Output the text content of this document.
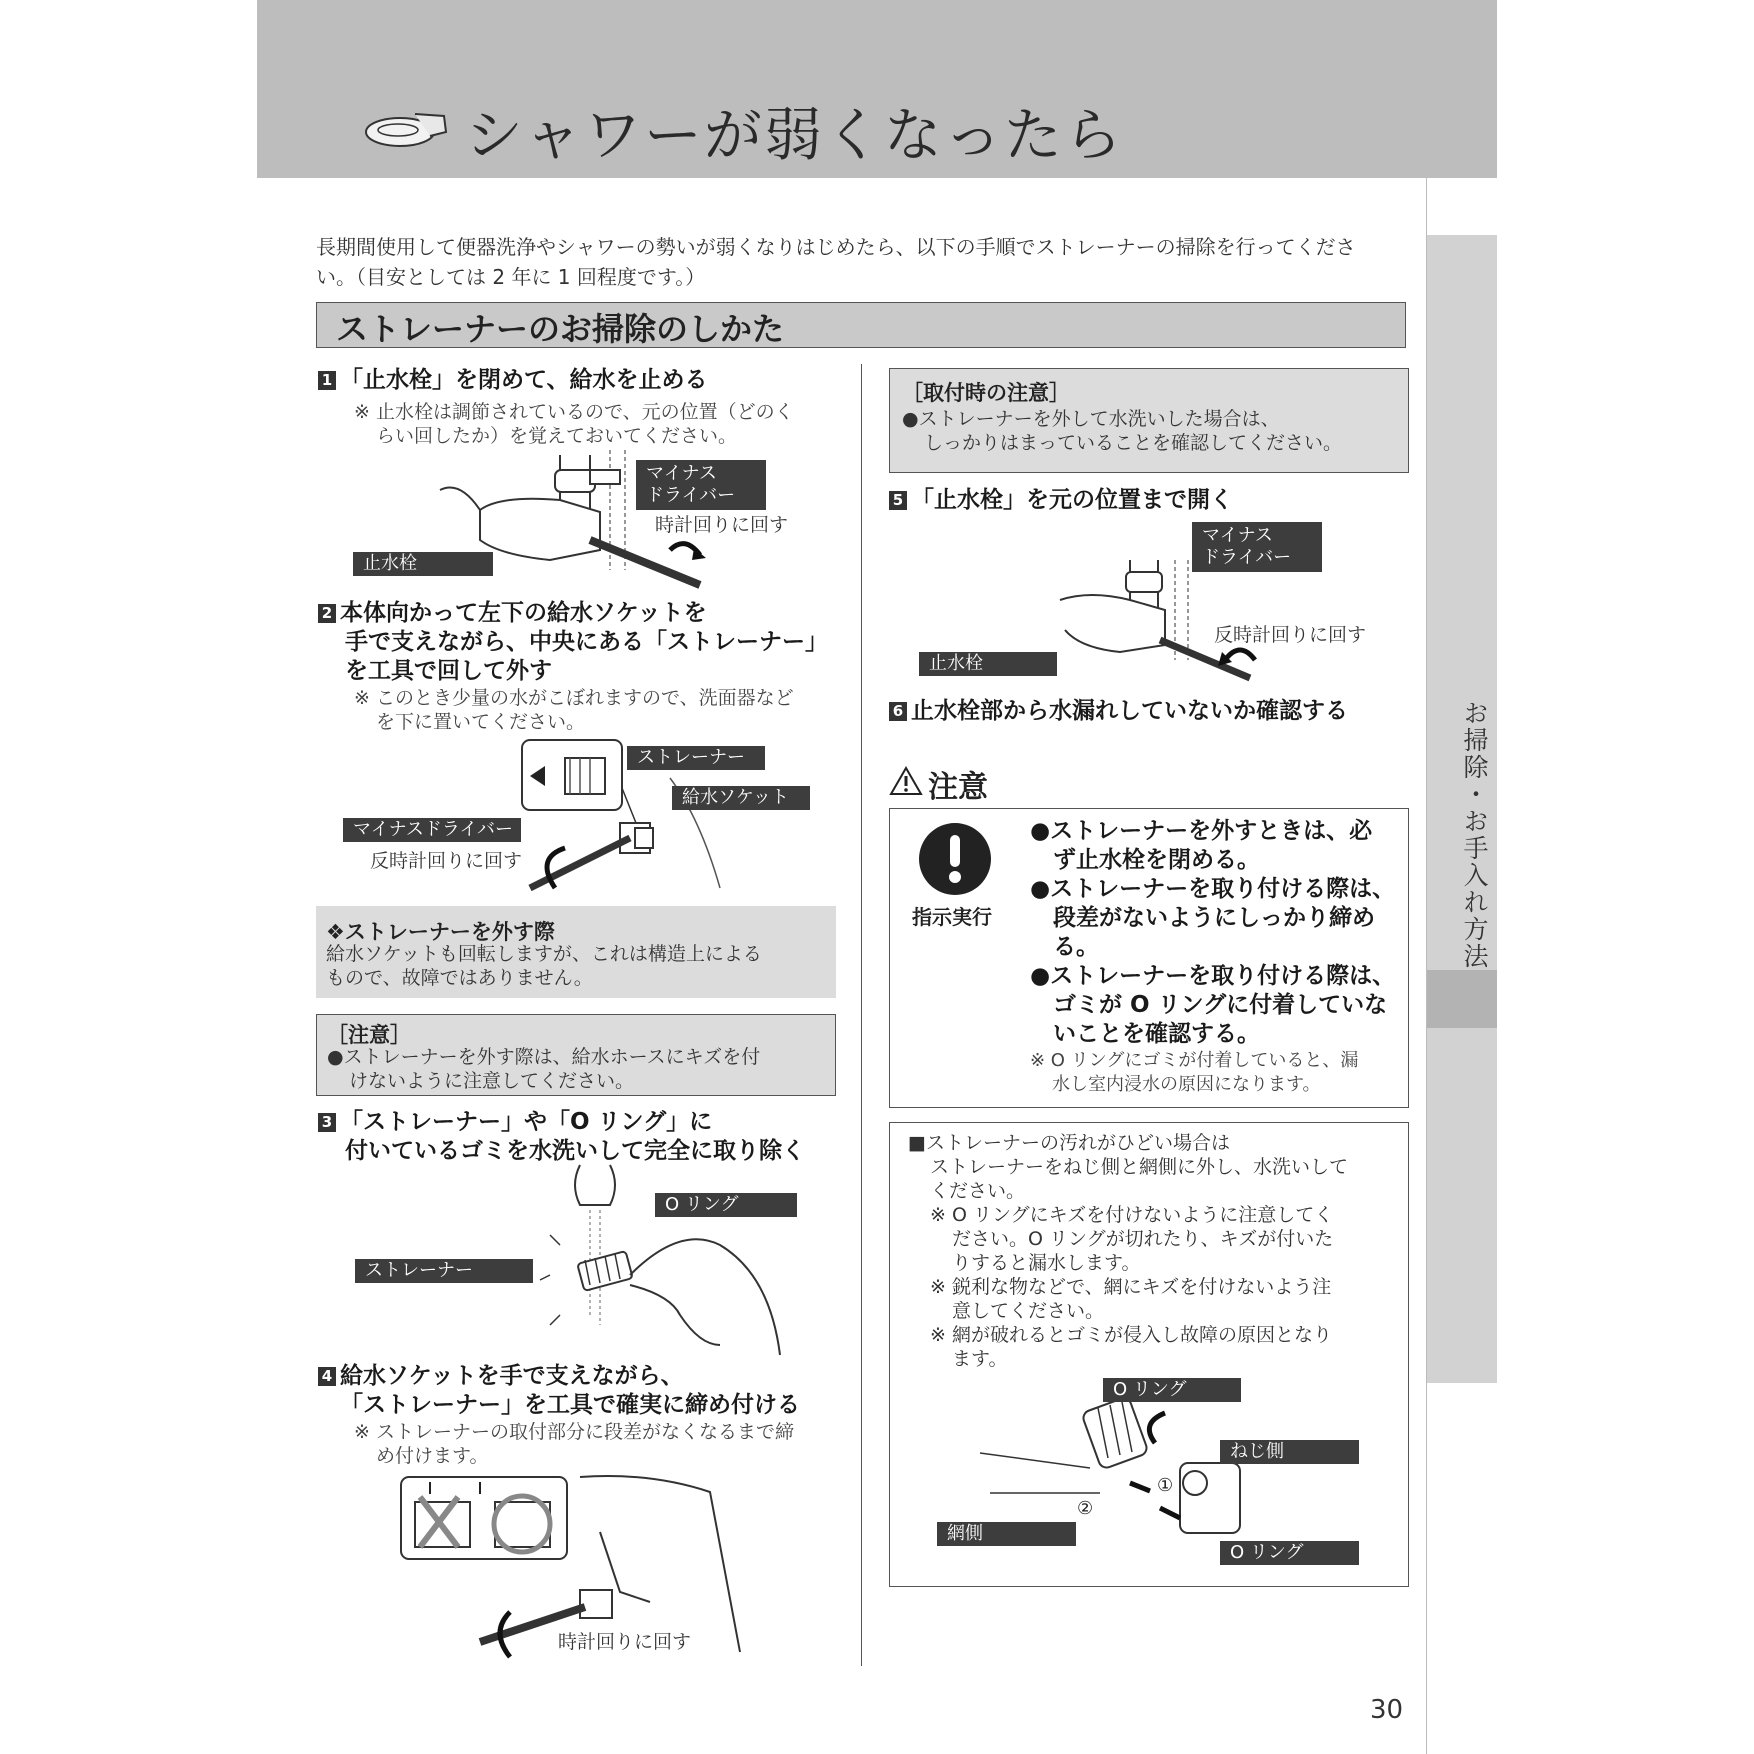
シャワーが弱くなったら
お掃除・お手入れ方法
長期間使用して便器洗浄やシャワーの勢いが弱くなりはじめたら、以下の手順でストレーナーの掃除を行ってくださ
い。（目安としては 2 年に 1 回程度です。）
ストレーナーのお掃除のしかた
1 「止水栓」を閉めて、給水を止める
※ 止水栓は調節されているので、元の位置（どのく
らい回したか）を覚えておいてください。
マイナス
ドライバー
時計回りに回す
止水栓
2 本体向かって左下の給水ソケットを
手で支えながら、中央にある「ストレーナー」
を工具で回して外す
※ このとき少量の水がこぼれますので、洗面器など
を下に置いてください。
ストレーナー
給水ソケット
マイナスドライバー
反時計回りに回す
❖ストレーナーを外す際
給水ソケットも回転しますが、これは構造上による
もので、故障ではありません。
［注意］
●ストレーナーを外す際は、給水ホースにキズを付
けないように注意してください。
3 「ストレーナー」や「O リング」に
付いているゴミを水洗いして完全に取り除く
O リング
ストレーナー
4 給水ソケットを手で支えながら、
「ストレーナー」を工具で確実に締め付ける
※ ストレーナーの取付部分に段差がなくなるまで締
め付けます。
時計回りに回す
［取付時の注意］
●ストレーナーを外して水洗いした場合は、
しっかりはまっていることを確認してください。
5 「止水栓」を元の位置まで開く
マイナス
ドライバー
反時計回りに回す
止水栓
6 止水栓部から水漏れしていないか確認する
注意
指示実行
●ストレーナーを外すときは、必
ず止水栓を閉める。
●ストレーナーを取り付ける際は、
段差がないようにしっかり締め
る。
●ストレーナーを取り付ける際は、
ゴミが O リングに付着していな
いことを確認する。
※ O リングにゴミが付着していると、漏
水し室内浸水の原因になります。
■ストレーナーの汚れがひどい場合は
ストレーナーをねじ側と網側に外し、水洗いして
ください。
※ O リングにキズを付けないように注意してく
ださい。O リングが切れたり、キズが付いた
りすると漏水します。
※ 鋭利な物などで、網にキズを付けないよう注
意してください。
※ 網が破れるとゴミが侵入し故障の原因となり
ます。
①
②
O リング
ねじ側
網側
O リング
30
